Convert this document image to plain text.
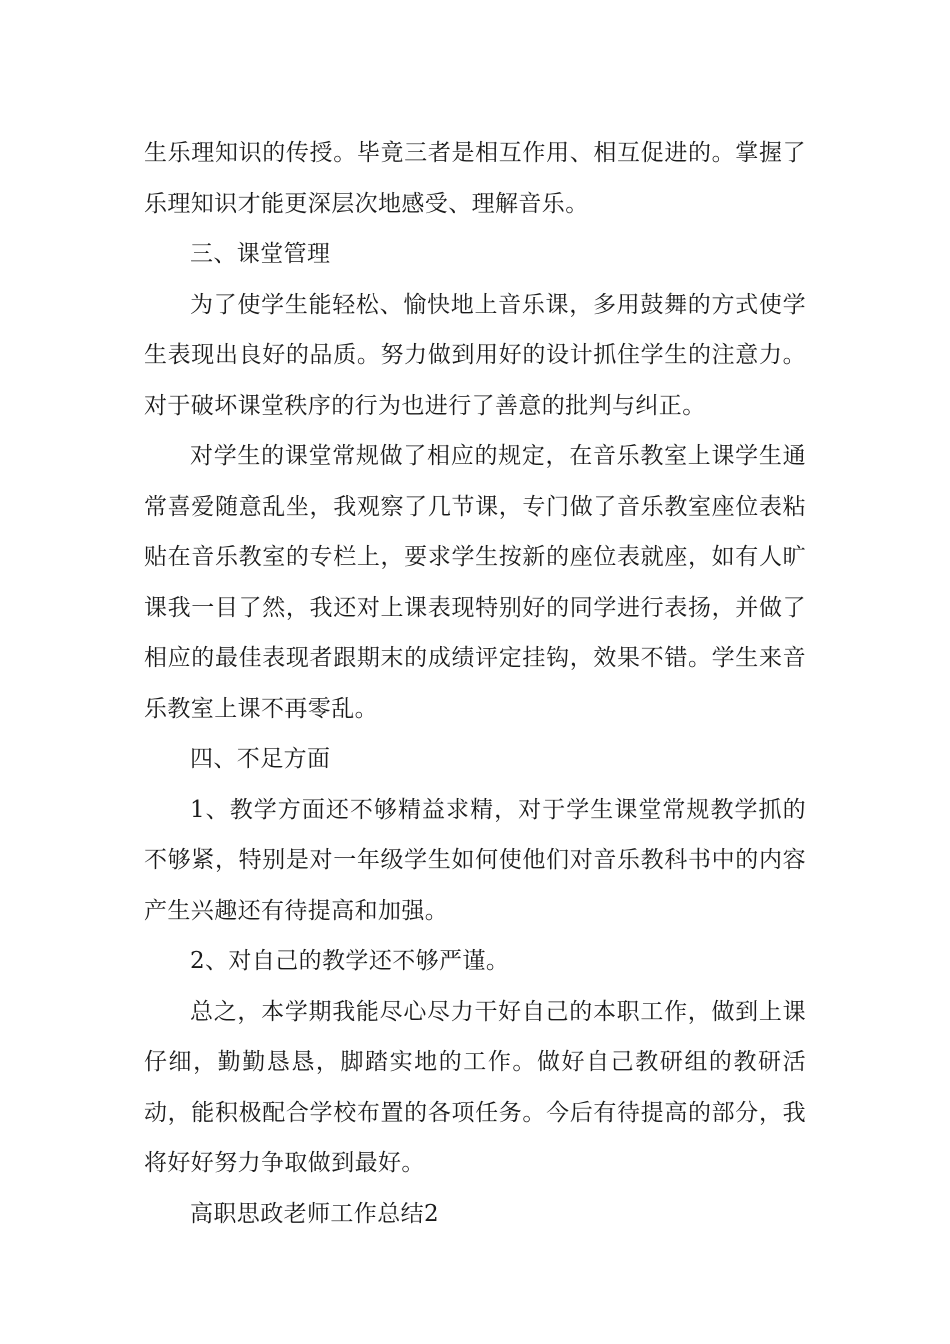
生乐理知识的传授。毕竟三者是相互作用、相互促进的。掌握了乐理知识才能更深层次地感受、理解音乐。

三、课堂管理

为了使学生能轻松、愉快地上音乐课，多用鼓舞的方式使学生表现出良好的品质。努力做到用好的设计抓住学生的注意力。对于破坏课堂秩序的行为也进行了善意的批判与纠正。

对学生的课堂常规做了相应的规定，在音乐教室上课学生通常喜爱随意乱坐，我观察了几节课，专门做了音乐教室座位表粘贴在音乐教室的专栏上，要求学生按新的座位表就座，如有人旷课我一目了然，我还对上课表现特别好的同学进行表扬，并做了相应的最佳表现者跟期末的成绩评定挂钩，效果不错。学生来音乐教室上课不再零乱。

四、不足方面

1、教学方面还不够精益求精，对于学生课堂常规教学抓的不够紧，特别是对一年级学生如何使他们对音乐教科书中的内容产生兴趣还有待提高和加强。

2、对自己的教学还不够严谨。

总之，本学期我能尽心尽力干好自己的本职工作，做到上课仔细，勤勤恳恳，脚踏实地的工作。做好自己教研组的教研活动，能积极配合学校布置的各项任务。今后有待提高的部分，我将好好努力争取做到最好。

高职思政老师工作总结2
